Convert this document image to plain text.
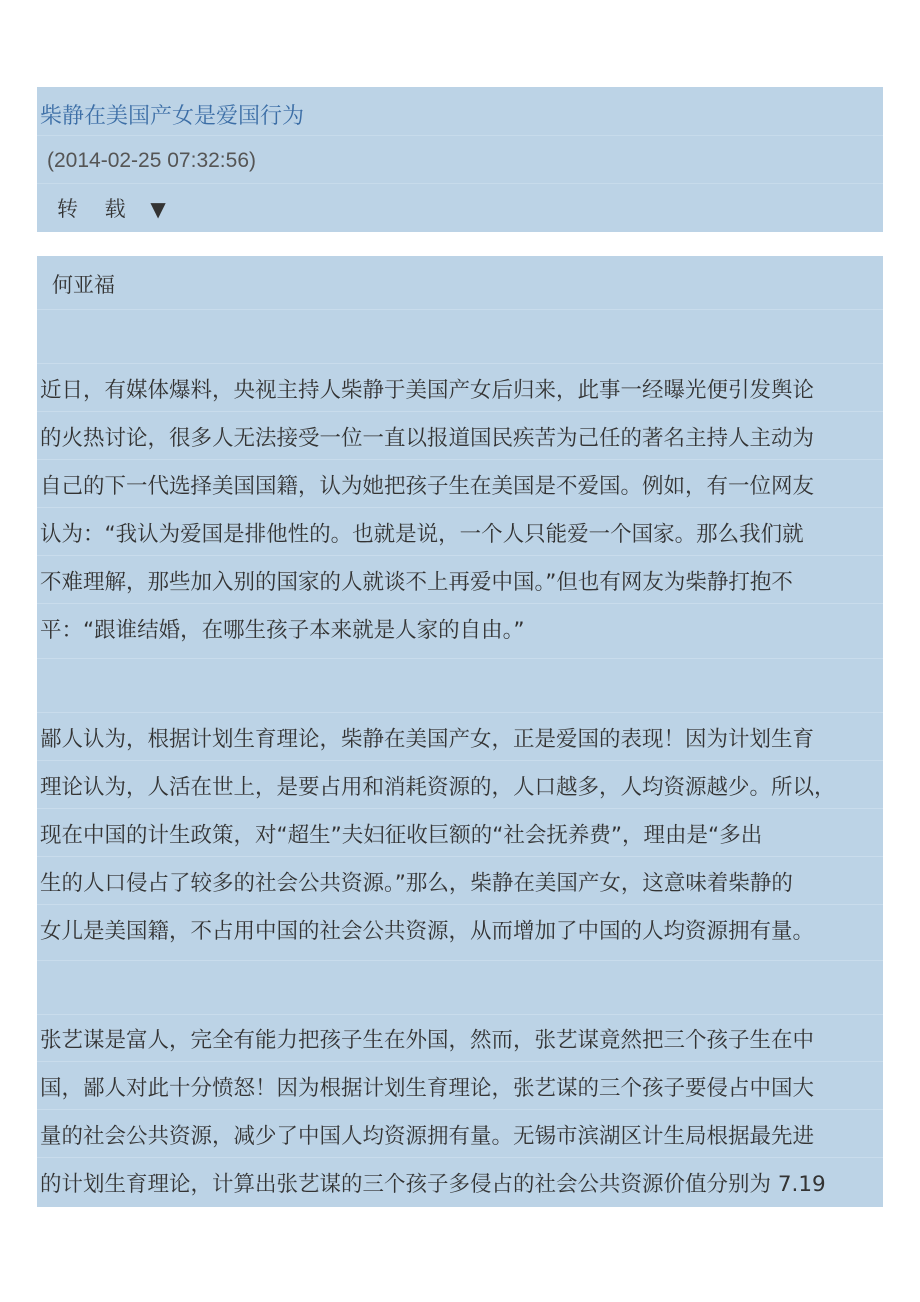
柴静在美国产女是爱国行为
(2014-02-25 07:32:56)
转 载 ▼
何亚福
近日，有媒体爆料，央视主持人柴静于美国产女后归来，此事一经曝光便引发舆论
的火热讨论，很多人无法接受一位一直以报道国民疾苦为己任的著名主持人主动为
自己的下一代选择美国国籍，认为她把孩子生在美国是不爱国。例如，有一位网友
认为：“我认为爱国是排他性的。也就是说，一个人只能爱一个国家。那么我们就
不难理解，那些加入别的国家的人就谈不上再爱中国。”但也有网友为柴静打抱不
平：“跟谁结婚，在哪生孩子本来就是人家的自由。”
鄙人认为，根据计划生育理论，柴静在美国产女，正是爱国的表现！因为计划生育
理论认为，人活在世上，是要占用和消耗资源的，人口越多，人均资源越少。所以，
现在中国的计生政策，对“超生”夫妇征收巨额的“社会抚养费”，理由是“多出
生的人口侵占了较多的社会公共资源。”那么，柴静在美国产女，这意味着柴静的
女儿是美国籍，不占用中国的社会公共资源，从而增加了中国的人均资源拥有量。
张艺谋是富人，完全有能力把孩子生在外国，然而，张艺谋竟然把三个孩子生在中
国，鄙人对此十分愤怒！因为根据计划生育理论，张艺谋的三个孩子要侵占中国大
量的社会公共资源，减少了中国人均资源拥有量。无锡市滨湖区计生局根据最先进
的计划生育理论，计算出张艺谋的三个孩子多侵占的社会公共资源价值分别为 7.19
